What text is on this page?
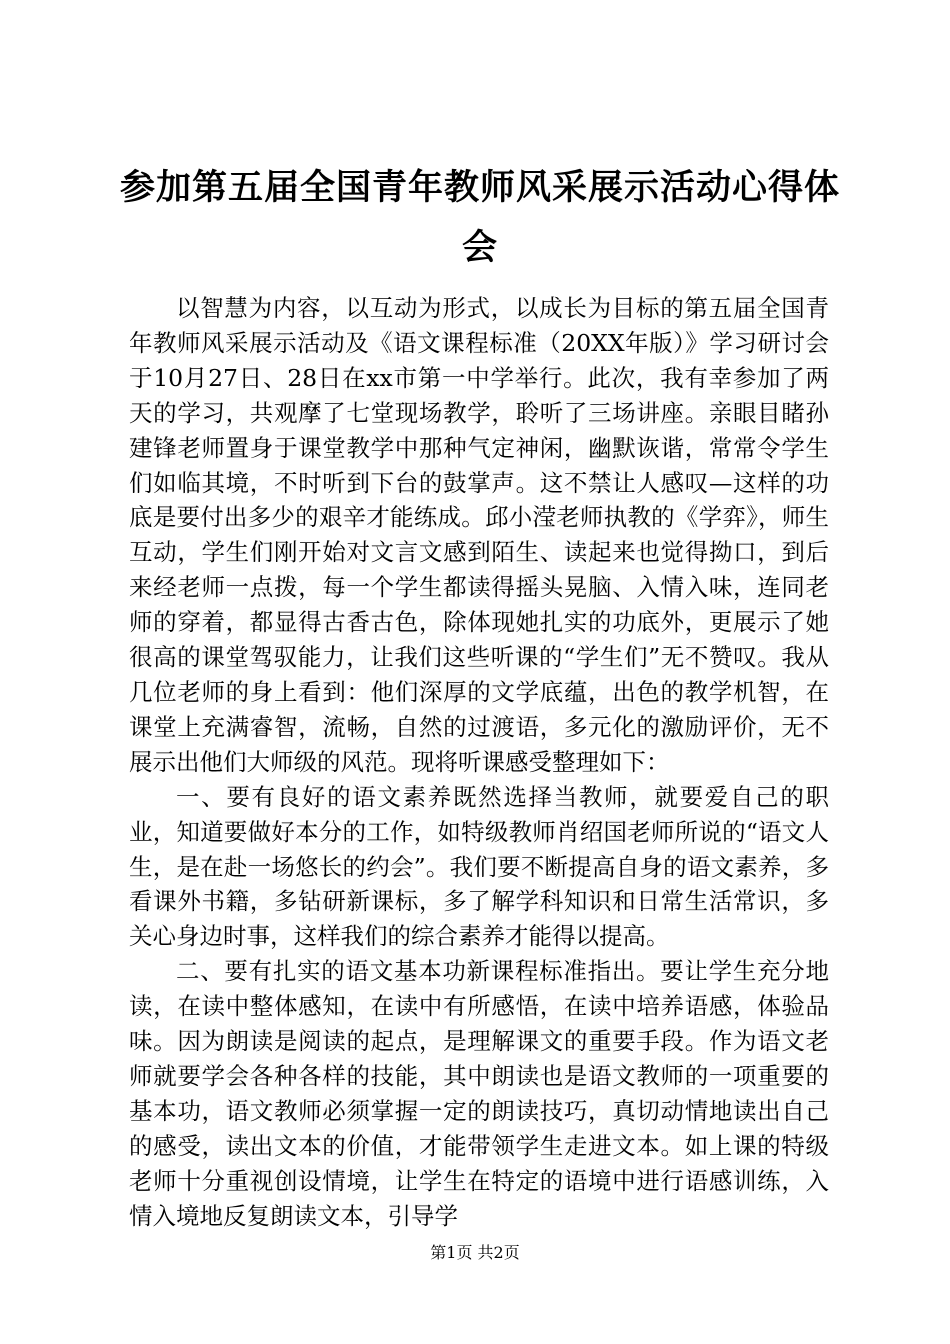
参加第五届全国青年教师风采展示活动心得体会

以智慧为内容，以互动为形式，以成长为目标的第五届全国青年教师风采展示活动及《语文课程标准（20XX年版）》学习研讨会于10月27日、28日在xx市第一中学举行。此次，我有幸参加了两天的学习，共观摩了七堂现场教学，聆听了三场讲座。亲眼目睹孙建锋老师置身于课堂教学中那种气定神闲，幽默诙谐，常常令学生们如临其境，不时听到下台的鼓掌声。这不禁让人感叹—这样的功底是要付出多少的艰辛才能练成。邱小滢老师执教的《学弈》，师生互动，学生们刚开始对文言文感到陌生、读起来也觉得拗口，到后来经老师一点拨，每一个学生都读得摇头晃脑、入情入味，连同老师的穿着，都显得古香古色，除体现她扎实的功底外，更展示了她很高的课堂驾驭能力，让我们这些听课的“学生们”无不赞叹。我从几位老师的身上看到：他们深厚的文学底蕴，出色的教学机智，在课堂上充满睿智，流畅，自然的过渡语，多元化的激励评价，无不展示出他们大师级的风范。现将听课感受整理如下：

一、要有良好的语文素养既然选择当教师，就要爱自己的职业，知道要做好本分的工作，如特级教师肖绍国老师所说的“语文人生，是在赴一场悠长的约会”。我们要不断提高自身的语文素养，多看课外书籍，多钻研新课标，多了解学科知识和日常生活常识，多关心身边时事，这样我们的综合素养才能得以提高。

二、要有扎实的语文基本功新课程标准指出。要让学生充分地读，在读中整体感知，在读中有所感悟，在读中培养语感，体验品味。因为朗读是阅读的起点，是理解课文的重要手段。作为语文老师就要学会各种各样的技能，其中朗读也是语文教师的一项重要的基本功，语文教师必须掌握一定的朗读技巧，真切动情地读出自己的感受，读出文本的价值，才能带领学生走进文本。如上课的特级老师十分重视创设情境，让学生在特定的语境中进行语感训练，入情入境地反复朗读文本，引导学

第1页 共2页
